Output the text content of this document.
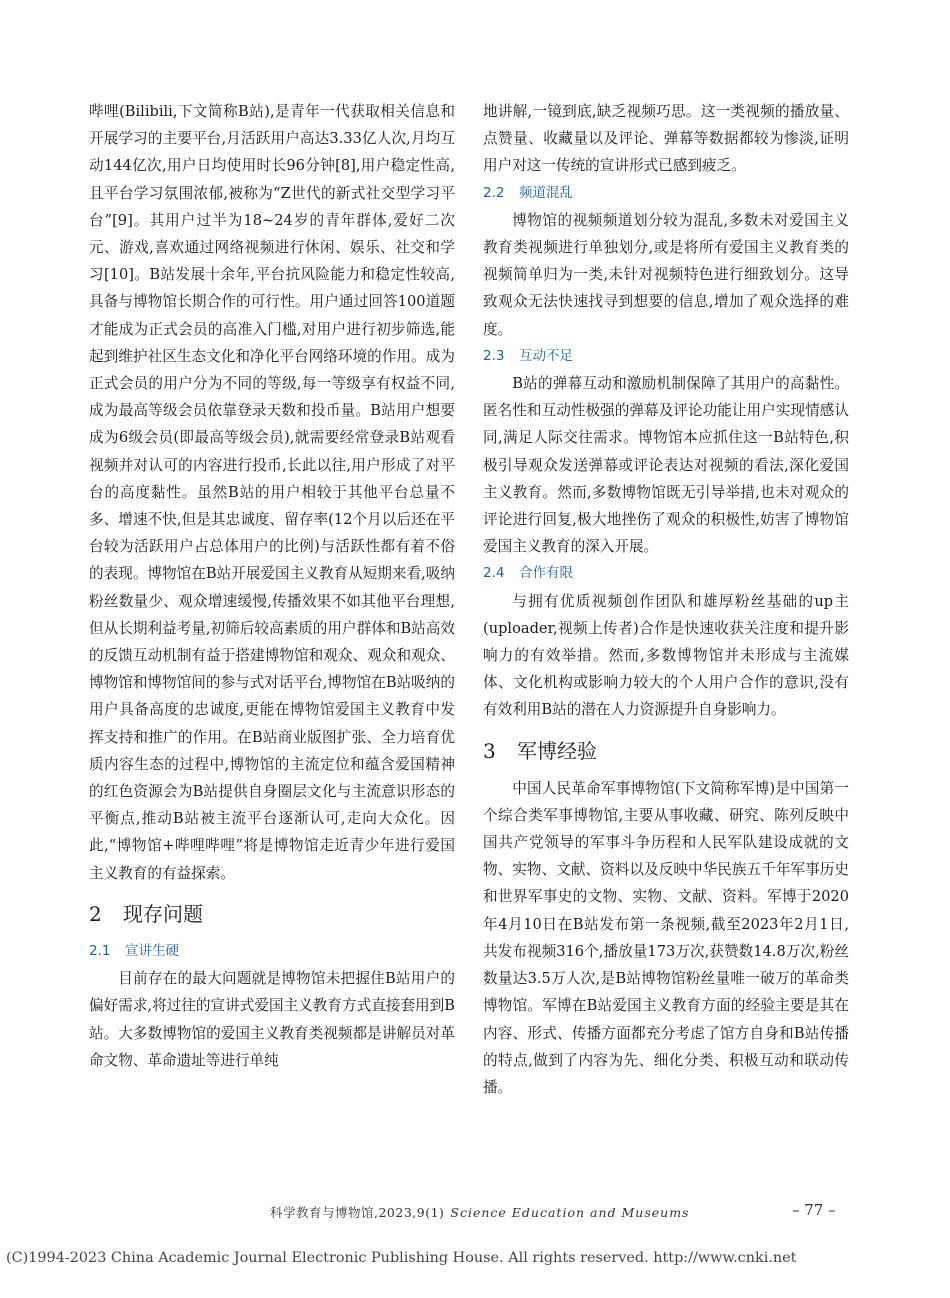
哔哩(Bilibili,下文简称B站),是青年一代获取相关信息和开展学习的主要平台,月活跃用户高达3.33亿人次,月均互动144亿次,用户日均使用时长96分钟[8],用户稳定性高,且平台学习氛围浓郁,被称为“Z世代的新式社交型学习平台”[9]。其用户过半为18~24岁的青年群体,爱好二次元、游戏,喜欢通过网络视频进行休闲、娱乐、社交和学习[10]。B站发展十余年,平台抗风险能力和稳定性较高,具备与博物馆长期合作的可行性。用户通过回答100道题才能成为正式会员的高准入门槛,对用户进行初步筛选,能起到维护社区生态文化和净化平台网络环境的作用。成为正式会员的用户分为不同的等级,每一等级享有权益不同,成为最高等级会员依靠登录天数和投币量。B站用户想要成为6级会员(即最高等级会员),就需要经常登录B站观看视频并对认可的内容进行投币,长此以往,用户形成了对平台的高度黏性。虽然B站的用户相较于其他平台总量不多、增速不快,但是其忠诚度、留存率(12个月以后还在平台较为活跃用户占总体用户的比例)与活跃性都有着不俗的表现。博物馆在B站开展爱国主义教育从短期来看,吸纳粉丝数量少、观众增速缓慢,传播效果不如其他平台理想,但从长期利益考量,初筛后较高素质的用户群体和B站高效的反馈互动机制有益于搭建博物馆和观众、观众和观众、博物馆和博物馆间的参与式对话平台,博物馆在B站吸纳的用户具备高度的忠诚度,更能在博物馆爱国主义教育中发挥支持和推广的作用。在B站商业版图扩张、全力培育优质内容生态的过程中,博物馆的主流定位和蕴含爱国精神的红色资源会为B站提供自身圈层文化与主流意识形态的平衡点,推动B站被主流平台逐渐认可,走向大众化。因此,“博物馆+哔哩哔哩”将是博物馆走近青少年进行爱国主义教育的有益探索。

2 现存问题
2.1 宣讲生硬

目前存在的最大问题就是博物馆未把握住B站用户的偏好需求,将过往的宣讲式爱国主义教育方式直接套用到B站。大多数博物馆的爱国主义教育类视频都是讲解员对革命文物、革命遗址等进行单纯

地讲解,一镜到底,缺乏视频巧思。这一类视频的播放量、点赞量、收藏量以及评论、弹幕等数据都较为惨淡,证明用户对这一传统的宣讲形式已感到疲乏。

2.2 频道混乱

博物馆的视频频道划分较为混乱,多数未对爱国主义教育类视频进行单独划分,或是将所有爱国主义教育类的视频简单归为一类,未针对视频特色进行细致划分。这导致观众无法快速找寻到想要的信息,增加了观众选择的难度。

2.3 互动不足

B站的弹幕互动和激励机制保障了其用户的高黏性。匿名性和互动性极强的弹幕及评论功能让用户实现情感认同,满足人际交往需求。博物馆本应抓住这一B站特色,积极引导观众发送弹幕或评论表达对视频的看法,深化爱国主义教育。然而,多数博物馆既无引导举措,也未对观众的评论进行回复,极大地挫伤了观众的积极性,妨害了博物馆爱国主义教育的深入开展。

2.4 合作有限

与拥有优质视频创作团队和雄厚粉丝基础的up主(uploader,视频上传者)合作是快速收获关注度和提升影响力的有效举措。然而,多数博物馆并未形成与主流媒体、文化机构或影响力较大的个人用户合作的意识,没有有效利用B站的潜在人力资源提升自身影响力。

3 军博经验

中国人民革命军事博物馆(下文简称军博)是中国第一个综合类军事博物馆,主要从事收藏、研究、陈列反映中国共产党领导的军事斗争历程和人民军队建设成就的文物、实物、文献、资料以及反映中华民族五千年军事历史和世界军事史的文物、实物、文献、资料。军博于2020年4月10日在B站发布第一条视频,截至2023年2月1日,共发布视频316个,播放量173万次,获赞数14.8万次,粉丝数量达3.5万人次,是B站博物馆粉丝量唯一破万的革命类博物馆。军博在B站爱国主义教育方面的经验主要是其在内容、形式、传播方面都充分考虑了馆方自身和B站传播的特点,做到了内容为先、细化分类、积极互动和联动传播。

科学教育与博物馆,2023,9(1) Science Education and Museums	– 77 –
(C)1994-2023 China Academic Journal Electronic Publishing House. All rights reserved. http://www.cnki.net
